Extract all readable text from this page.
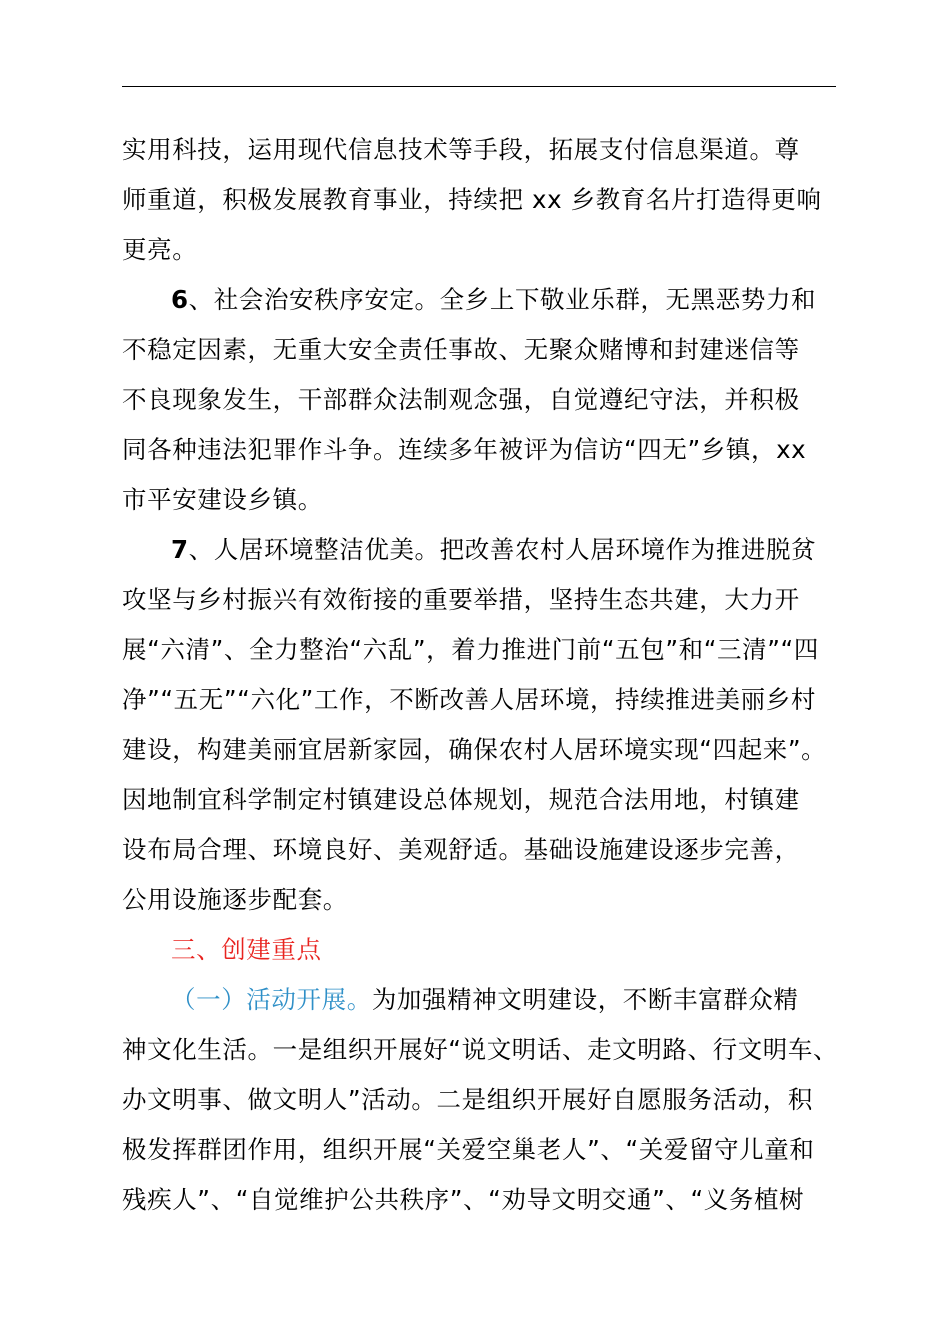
实用科技，运用现代信息技术等手段，拓展支付信息渠道。尊
师重道，积极发展教育事业，持续把 xx 乡教育名片打造得更响
更亮。
6、社会治安秩序安定。全乡上下敬业乐群，无黑恶势力和
不稳定因素，无重大安全责任事故、无聚众赌博和封建迷信等
不良现象发生，干部群众法制观念强，自觉遵纪守法，并积极
同各种违法犯罪作斗争。连续多年被评为信访“四无”乡镇，xx
市平安建设乡镇。
7、人居环境整洁优美。把改善农村人居环境作为推进脱贫
攻坚与乡村振兴有效衔接的重要举措，坚持生态共建，大力开
展“六清”、全力整治“六乱”，着力推进门前“五包”和“三清”“四
净”“五无”“六化”工作，不断改善人居环境，持续推进美丽乡村
建设，构建美丽宜居新家园，确保农村人居环境实现“四起来”。
因地制宜科学制定村镇建设总体规划，规范合法用地，村镇建
设布局合理、环境良好、美观舒适。基础设施建设逐步完善，
公用设施逐步配套。
三、创建重点
（一）活动开展。为加强精神文明建设，不断丰富群众精
神文化生活。一是组织开展好“说文明话、走文明路、行文明车、
办文明事、做文明人”活动。二是组织开展好自愿服务活动，积
极发挥群团作用，组织开展“关爱空巢老人”、“关爱留守儿童和
残疾人”、“自觉维护公共秩序”、“劝导文明交通”、“义务植树
